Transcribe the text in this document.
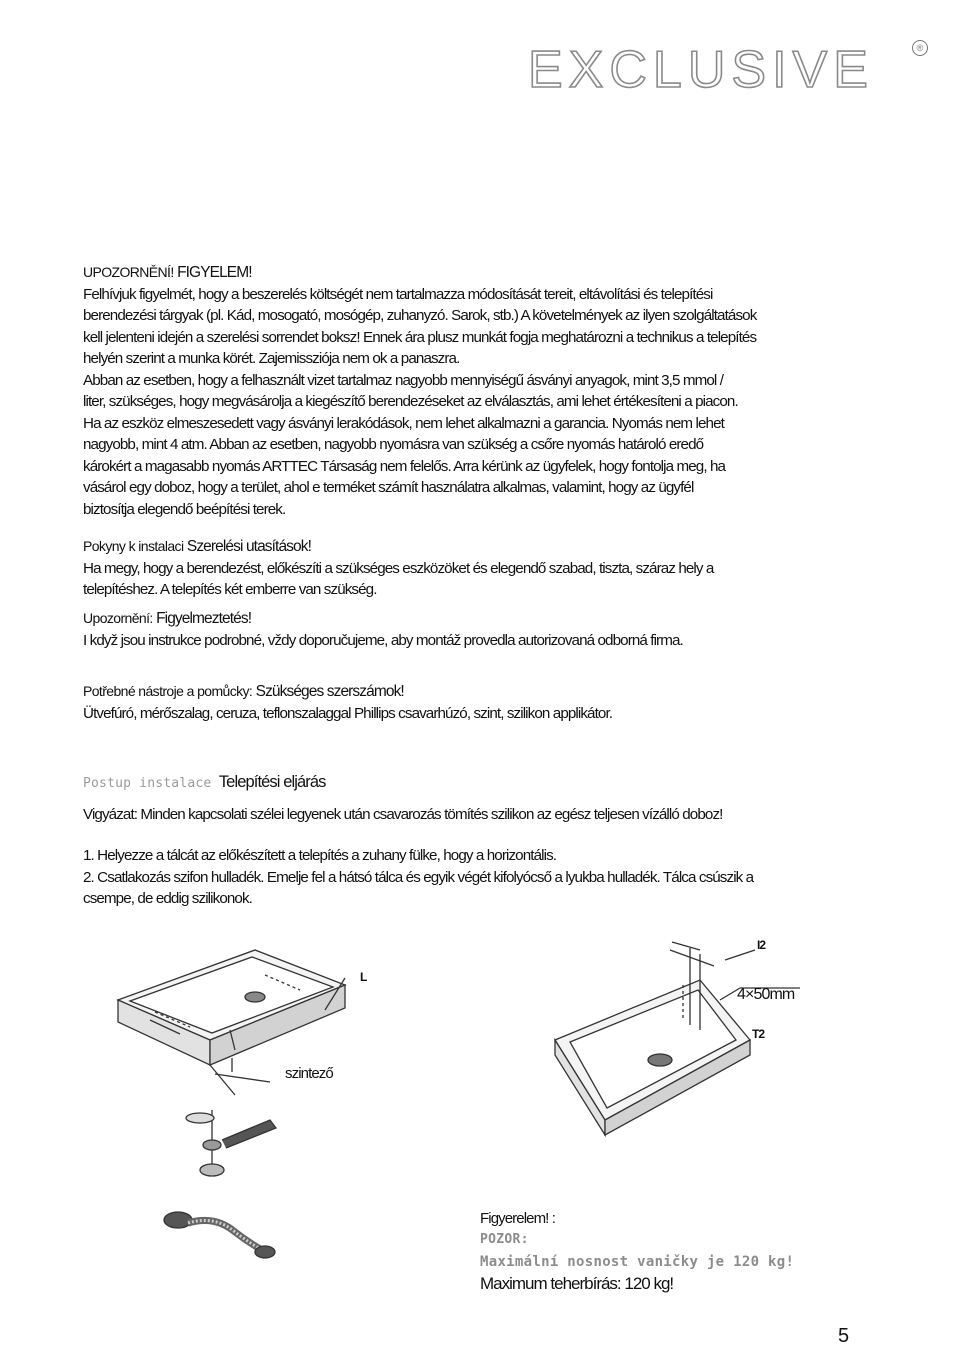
EXCLUSIVE	®

UPOZORNĚNÍ! FIGYELEM!

Felhívjuk figyelmét, hogy a beszerelés költségét nem tartalmazza módosítását tereit, eltávolítási és telepítési

berendezési tárgyak (pl. Kád, mosogató, mosógép, zuhanyzó. Sarok, stb.) A követelmények az ilyen szolgáltatások

kell jelenteni idején a szerelési sorrendet boksz! Ennek ára plusz munkát fogja meghatározni a technikus a telepítés

helyén szerint a munka körét. Zajemissziója nem ok a panaszra.

Abban az esetben, hogy a felhasznált vizet tartalmaz nagyobb mennyiségű ásványi anyagok, mint 3,5 mmol /

liter, szükséges, hogy megvásárolja a kiegészítő berendezéseket az elválasztás, ami lehet értékesíteni a piacon.

Ha az eszköz elmeszesedett vagy ásványi lerakódások, nem lehet alkalmazni a garancia. Nyomás nem lehet

nagyobb, mint 4 atm. Abban az esetben, nagyobb nyomásra van szükség a csőre nyomás határoló eredő

károkért a magasabb nyomás ARTTEC Társaság nem felelős. Arra kérünk az ügyfelek, hogy fontolja meg, ha

vásárol egy doboz, hogy a terület, ahol e terméket számít használatra alkalmas, valamint, hogy az ügyfél

biztosítja elegendő beépítési terek.

Pokyny k instalaci Szerelési utasítások!

Ha megy, hogy a berendezést, előkészíti a szükséges eszközöket és elegendő szabad, tiszta, száraz hely a

telepítéshez. A telepítés két emberre van szükség.

Upozornění: Figyelmeztetés!

I když jsou instrukce podrobné, vždy doporučujeme, aby montáž provedla autorizovaná odborná firma.

Potřebné nástroje a pomůcky: Szükséges szerszámok!

Ütvefúró, mérőszalag, ceruza, teflonszalaggal Phillips csavarhúzó, szint, szilikon applikátor.

Postup instalace Telepítési eljárás

Vigyázat: Minden kapcsolati szélei legyenek után csavarozás tömítés szilikon az egész teljesen vízálló doboz!

1. Helyezze a tálcát az előkészített a telepítés a zuhany fülke, hogy a horizontális.

2. Csatlakozás szifon hulladék. Emelje fel a hátsó tálca és egyik végét kifolyócső a lyukba hulladék. Tálca csúszik a

csempe, de eddig szilikonok.

L
szintező
I2
4×50mm
T2
Figyerelem! :
POZOR:
Maximální nosnost vaničky je 120 kg!
Maximum teherbírás: 120 kg!
5
